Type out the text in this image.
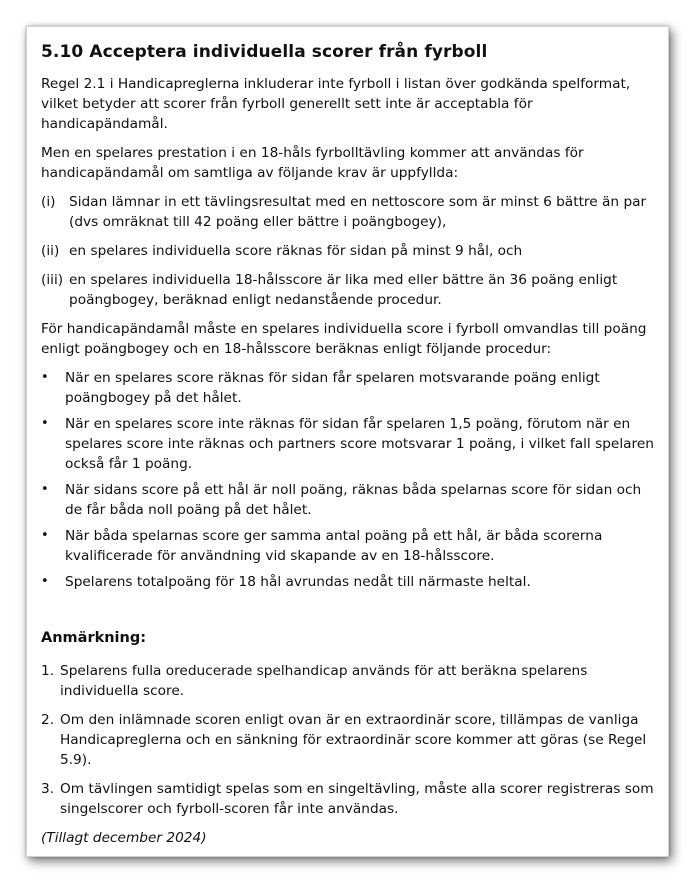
5.10 Acceptera individuella scorer från fyrboll

Regel 2.1 i Handicapreglerna inkluderar inte fyrboll i listan över godkända spelformat, vilket betyder att scorer från fyrboll generellt sett inte är acceptabla för handicapändamål.

Men en spelares prestation i en 18-håls fyrbolltävling kommer att användas för handicapändamål om samtliga av följande krav är uppfyllda:

(i) Sidan lämnar in ett tävlingsresultat med en nettoscore som är minst 6 bättre än par (dvs omräknat till 42 poäng eller bättre i poängbogey),
(ii) en spelares individuella score räknas för sidan på minst 9 hål, och
(iii) en spelares individuella 18-hålsscore är lika med eller bättre än 36 poäng enligt poängbogey, beräknad enligt nedanstående procedur.

För handicapändamål måste en spelares individuella score i fyrboll omvandlas till poäng enligt poängbogey och en 18-hålsscore beräknas enligt följande procedur:

•	När en spelares score räknas för sidan får spelaren motsvarande poäng enligt poängbogey på det hålet.
•	När en spelares score inte räknas för sidan får spelaren 1,5 poäng, förutom när en spelares score inte räknas och partners score motsvarar 1 poäng, i vilket fall spelaren också får 1 poäng.
•	När sidans score på ett hål är noll poäng, räknas båda spelarnas score för sidan och de får båda noll poäng på det hålet.
•	När båda spelarnas score ger samma antal poäng på ett hål, är båda scorerna kvalificerade för användning vid skapande av en 18-hålsscore.
•	Spelarens totalpoäng för 18 hål avrundas nedåt till närmaste heltal.
Anmärkning:
1. Spelarens fulla oreducerade spelhandicap används för att beräkna spelarens individuella score.
2. Om den inlämnade scoren enligt ovan är en extraordinär score, tillämpas de vanliga Handicapreglerna och en sänkning för extraordinär score kommer att göras (se Regel 5.9).
3. Om tävlingen samtidigt spelas som en singeltävling, måste alla scorer registreras som singelscorer och fyrboll-scoren får inte användas.

(Tillagt december 2024)
